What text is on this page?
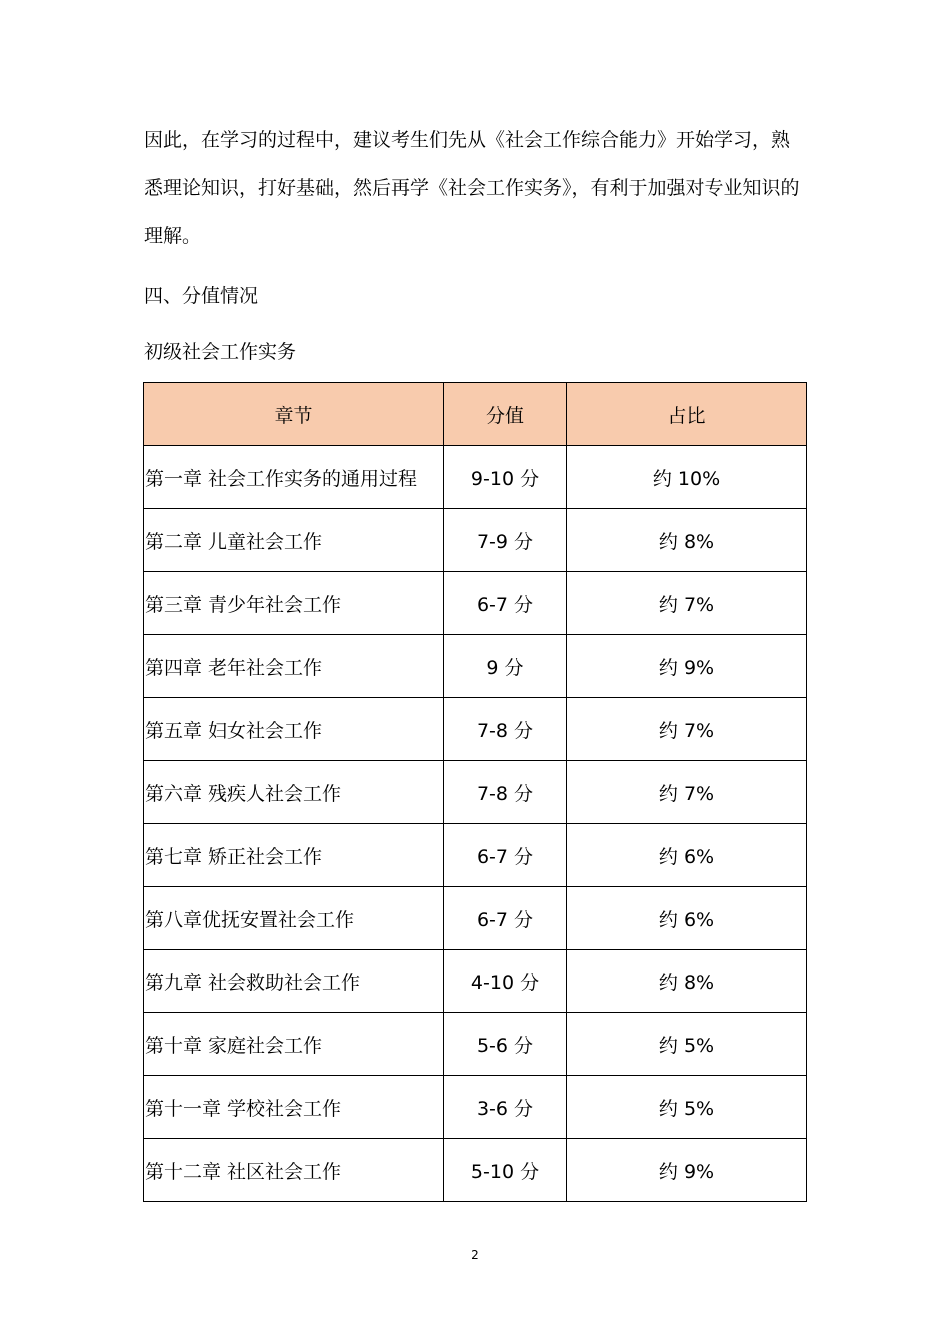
因此，在学习的过程中，建议考生们先从《社会工作综合能力》开始学习，熟悉理论知识，打好基础，然后再学《社会工作实务》，有利于加强对专业知识的理解。

四、分值情况

初级社会工作实务

章节	分值	占比
第一章 社会工作实务的通用过程	9-10 分	约 10%
第二章 儿童社会工作	7-9 分	约 8%
第三章 青少年社会工作	6-7 分	约 7%
第四章 老年社会工作	9 分	约 9%
第五章 妇女社会工作	7-8 分	约 7%
第六章 残疾人社会工作	7-8 分	约 7%
第七章 矫正社会工作	6-7 分	约 6%
第八章优抚安置社会工作	6-7 分	约 6%
第九章 社会救助社会工作	4-10 分	约 8%
第十章 家庭社会工作	5-6 分	约 5%
第十一章 学校社会工作	3-6 分	约 5%
第十二章 社区社会工作	5-10 分	约 9%
2
